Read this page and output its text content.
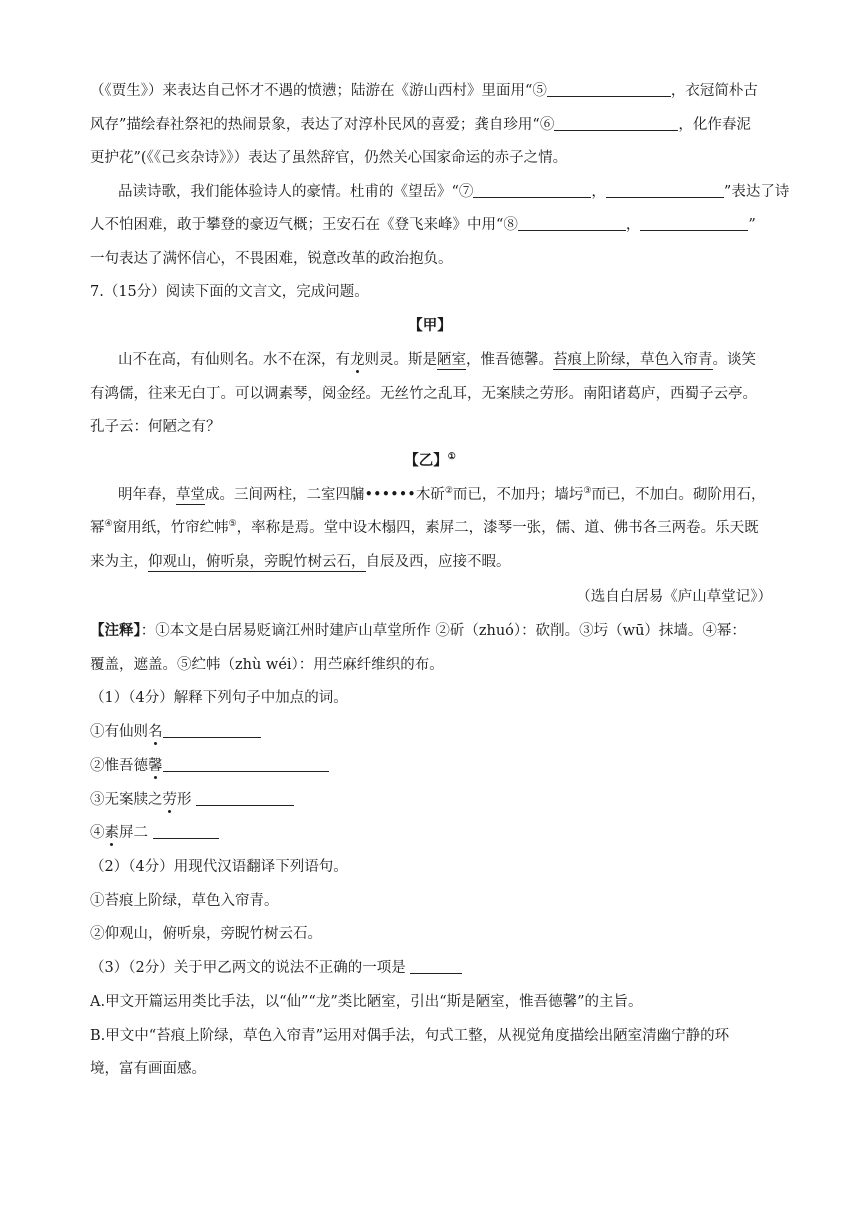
（《贾生》）来表达自己怀才不遇的愤懑；陆游在《游山西村》里面用“⑤	，衣冠简朴古
风存”描绘春社祭祀的热闹景象，表达了对淳朴民风的喜爱；龚自珍用“⑥	，化作春泥
更护花”(《《己亥杂诗》》）表达了虽然辞官，仍然关心国家命运的赤子之情。
品读诗歌，我们能体验诗人的豪情。杜甫的《望岳》“⑦	，	”表达了诗
人不怕困难，敢于攀登的豪迈气概；王安石在《登飞来峰》中用“⑧	，	”
一句表达了满怀信心，不畏困难，锐意改革的政治抱负。
7.（15分）阅读下面的文言文，完成问题。
【甲】
山不在高，有仙则名。水不在深，有龙则灵。斯是陋室，惟吾德馨。苔痕上阶绿，草色入帘青。谈笑
有鸿儒，往来无白丁。可以调素琴，阅金经。无丝竹之乱耳，无案牍之劳形。南阳诸葛庐，西蜀子云亭。
孔子云：何陋之有？
【乙】①
明年春，草堂成。三间两柱，二室四牖••••••木斫②而已，不加丹；墙圬③而已，不加白。砌阶用石，
幂④窗用纸，竹帘纻帏⑤，率称是焉。堂中设木榻四，素屏二，漆琴一张，儒、道、佛书各三两卷。乐天既
来为主，仰观山，俯听泉，旁睨竹树云石，自辰及西，应接不暇。
（选自白居易《庐山草堂记》）
【注释】：①本文是白居易贬谪江州时建庐山草堂所作 ②斫（zhuó）：砍削。③圬（wū）抹墙。④幂：
覆盖，遮盖。⑤纻帏（zhù wéi）：用苎麻纤维织的布。
（1）（4分）解释下列句子中加点的词。
①有仙则名
②惟吾德馨
③无案牍之劳形
④素屏二
（2）（4分）用现代汉语翻译下列语句。
①苔痕上阶绿，草色入帘青。
②仰观山，俯听泉，旁睨竹树云石。
（3）（2分）关于甲乙两文的说法不正确的一项是
A.甲文开篇运用类比手法，以“仙”“龙”类比陋室，引出“斯是陋室，惟吾德馨”的主旨。
B.甲文中“苔痕上阶绿，草色入帘青”运用对偶手法，句式工整，从视觉角度描绘出陋室清幽宁静的环
境，富有画面感。
